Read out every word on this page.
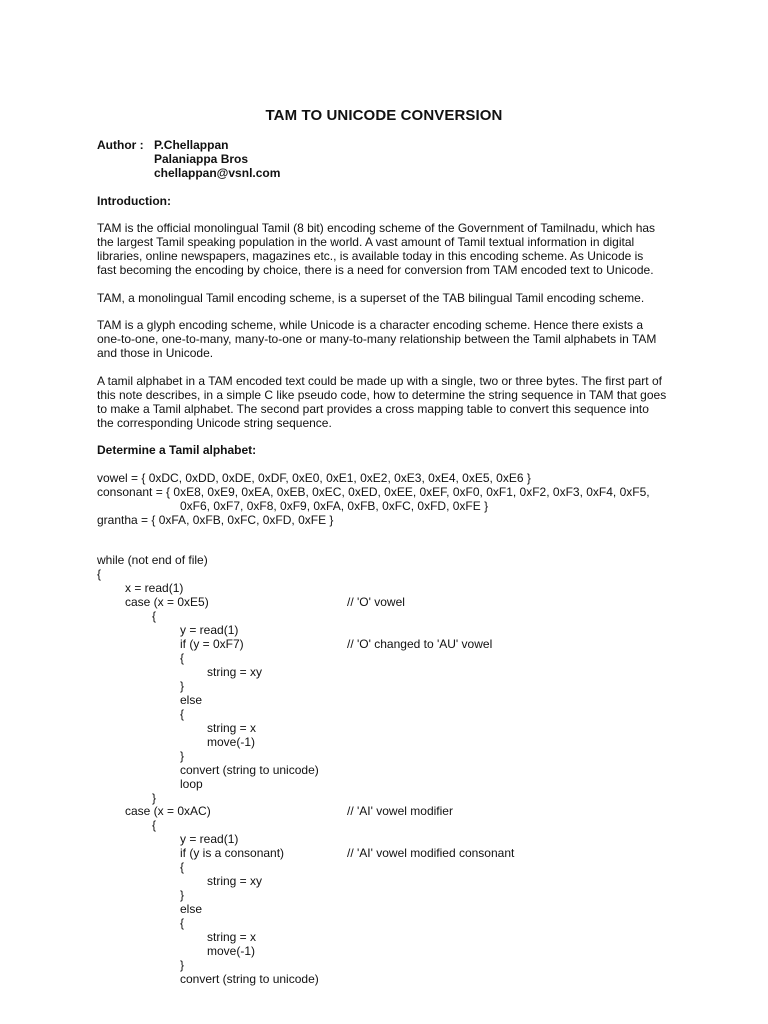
TAM TO UNICODE CONVERSION
Author : P.Chellappan
Palaniappa Bros
chellappan@vsnl.com
Introduction:
TAM is the official monolingual Tamil (8 bit) encoding scheme of the Government of Tamilnadu, which has
the largest Tamil speaking population in the world. A vast amount of Tamil textual information in digital
libraries, online newspapers, magazines etc., is available today in this encoding scheme. As Unicode is
fast becoming the encoding by choice, there is a need for conversion from TAM encoded text to Unicode.
TAM, a monolingual Tamil encoding scheme, is a superset of the TAB bilingual Tamil encoding scheme.
TAM is a glyph encoding scheme, while Unicode is a character encoding scheme. Hence there exists a
one-to-one, one-to-many, many-to-one or many-to-many relationship between the Tamil alphabets in TAM
and those in Unicode.
A tamil alphabet in a TAM encoded text could be made up with a single, two or three bytes. The first part of
this note describes, in a simple C like pseudo code, how to determine the string sequence in TAM that goes
to make a Tamil alphabet. The second part provides a cross mapping table to convert this sequence into
the corresponding Unicode string sequence.
Determine a Tamil alphabet:
vowel = { 0xDC, 0xDD, 0xDE, 0xDF, 0xE0, 0xE1, 0xE2, 0xE3, 0xE4, 0xE5, 0xE6 }
consonant = { 0xE8, 0xE9, 0xEA, 0xEB, 0xEC, 0xED, 0xEE, 0xEF, 0xF0, 0xF1, 0xF2, 0xF3, 0xF4, 0xF5,
0xF6, 0xF7, 0xF8, 0xF9, 0xFA, 0xFB, 0xFC, 0xFD, 0xFE }
grantha = { 0xFA, 0xFB, 0xFC, 0xFD, 0xFE }
while (not end of file)
{
x = read(1)
case (x = 0xE5)
{
y = read(1)
if (y = 0xF7)
{
string = xy
}
else
{
string = x
move(-1)
}
convert (string to unicode)
loop
}
case (x = 0xAC)
{
y = read(1)
if (y is a consonant)
{
string = xy
}
else
{
string = x
move(-1)
}
convert (string to unicode)
// 'O' vowel
// 'O' changed to 'AU' vowel
// 'AI' vowel modifier
// 'AI' vowel modified consonant
